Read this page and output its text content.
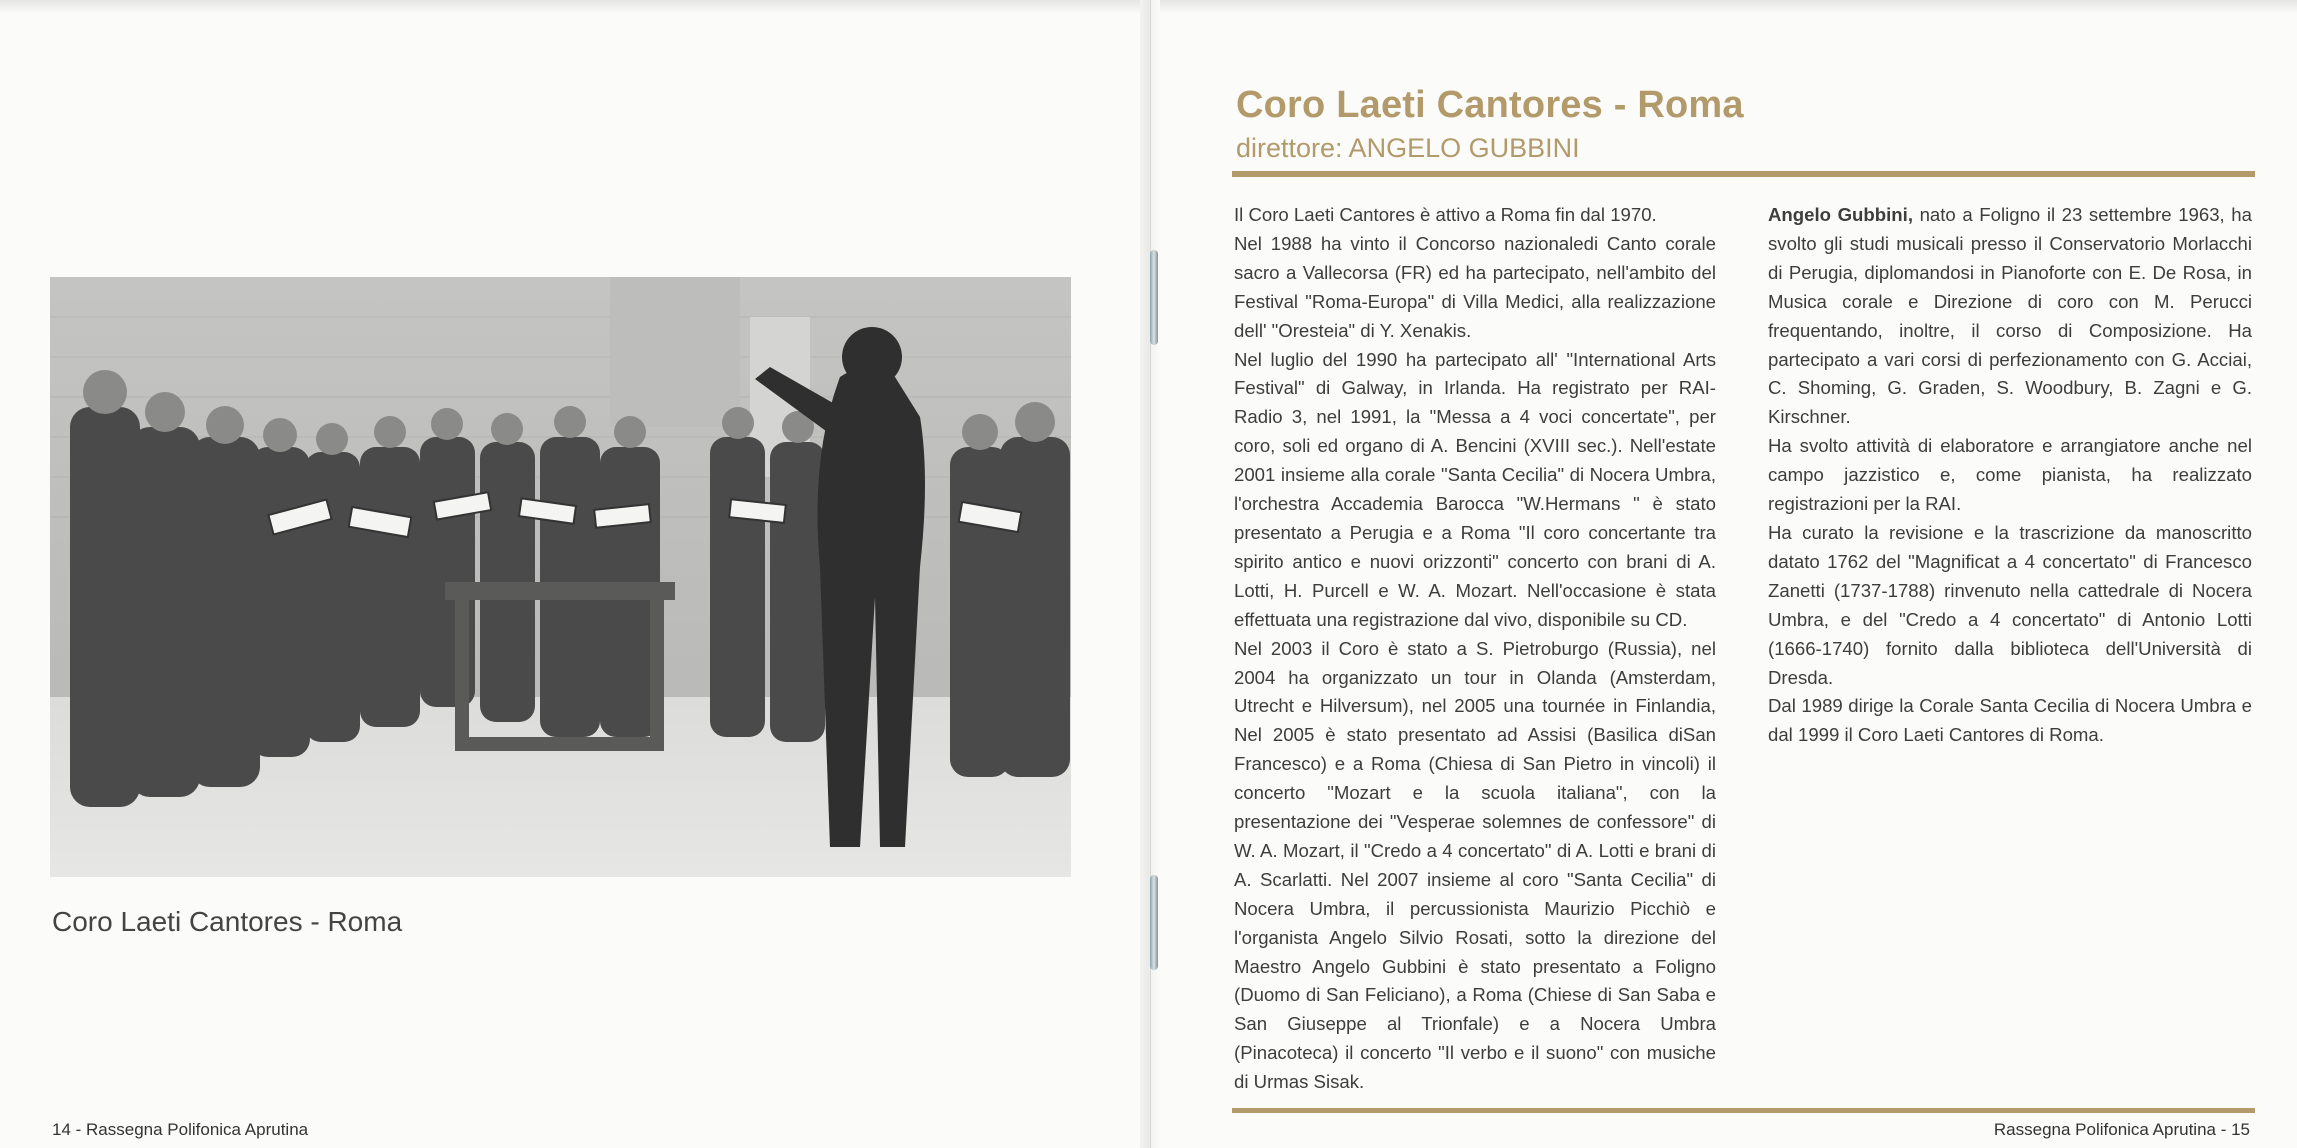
Coro Laeti Cantores - Roma
14 - Rassegna Polifonica Aprutina
Coro Laeti Cantores - Roma
direttore: ANGELO GUBBINI

Il Coro Laeti Cantores è attivo a Roma fin dal 1970.

Nel 1988 ha vinto il Concorso nazionaledi Canto corale sacro a Vallecorsa (FR) ed ha partecipato, nell'ambito del Festival "Roma-Europa" di Villa Medici, alla realizzazione dell' "Oresteia" di Y. Xenakis.

Nel luglio del 1990 ha partecipato all' "International Arts Festival" di Galway, in Irlanda. Ha registrato per RAI-Radio 3, nel 1991, la "Messa a 4 voci concertate", per coro, soli ed organo di A. Bencini (XVIII sec.). Nell'estate 2001 insieme alla corale "Santa Cecilia" di Nocera Umbra, l'orchestra Accademia Barocca "W.Hermans " è stato presentato a Perugia e a Roma "Il coro concertante tra spirito antico e nuovi orizzonti" concerto con brani di A. Lotti, H. Purcell e W. A. Mozart. Nell'occasione è stata effettuata una registrazione dal vivo, disponibile su CD.

Nel 2003 il Coro è stato a S. Pietroburgo (Russia), nel 2004 ha organizzato un tour in Olanda (Amsterdam, Utrecht e Hilversum), nel 2005 una tournée in Finlandia, Nel 2005 è stato presentato ad Assisi (Basilica diSan Francesco) e a Roma (Chiesa di San Pietro in vincoli) il concerto "Mozart e la scuola italiana", con la presentazione dei "Vesperae solemnes de confessore" di W. A. Mozart, il "Credo a 4 concertato" di A. Lotti e brani di A. Scarlatti. Nel 2007 insieme al coro "Santa Cecilia" di Nocera Umbra, il percussionista Maurizio Picchiò e l'organista Angelo Silvio Rosati, sotto la direzione del Maestro Angelo Gubbini è stato presentato a Foligno (Duomo di San Feliciano), a Roma (Chiese di San Saba e San Giuseppe al Trionfale) e a Nocera Umbra (Pinacoteca) il concerto "Il verbo e il suono" con musiche di Urmas Sisak.

Angelo Gubbini, nato a Foligno il 23 settembre 1963, ha svolto gli studi musicali presso il Conservatorio Morlacchi di Perugia, diplomandosi in Pianoforte con E. De Rosa, in Musica corale e Direzione di coro con M. Perucci frequentando, inoltre, il corso di Composizione. Ha partecipato a vari corsi di perfezionamento con G. Acciai, C. Shoming, G. Graden, S. Woodbury, B. Zagni e G. Kirschner.

Ha svolto attività di elaboratore e arrangiatore anche nel campo jazzistico e, come pianista, ha realizzato registrazioni per la RAI.

Ha curato la revisione e la trascrizione da manoscritto datato 1762 del "Magnificat a 4 concertato" di Francesco Zanetti (1737-1788) rinvenuto nella cattedrale di Nocera Umbra, e del "Credo a 4 concertato" di Antonio Lotti (1666-1740) fornito dalla biblioteca dell'Università di Dresda.

Dal 1989 dirige la Corale Santa Cecilia di Nocera Umbra e dal 1999 il Coro Laeti Cantores di Roma.

Rassegna Polifonica Aprutina - 15
